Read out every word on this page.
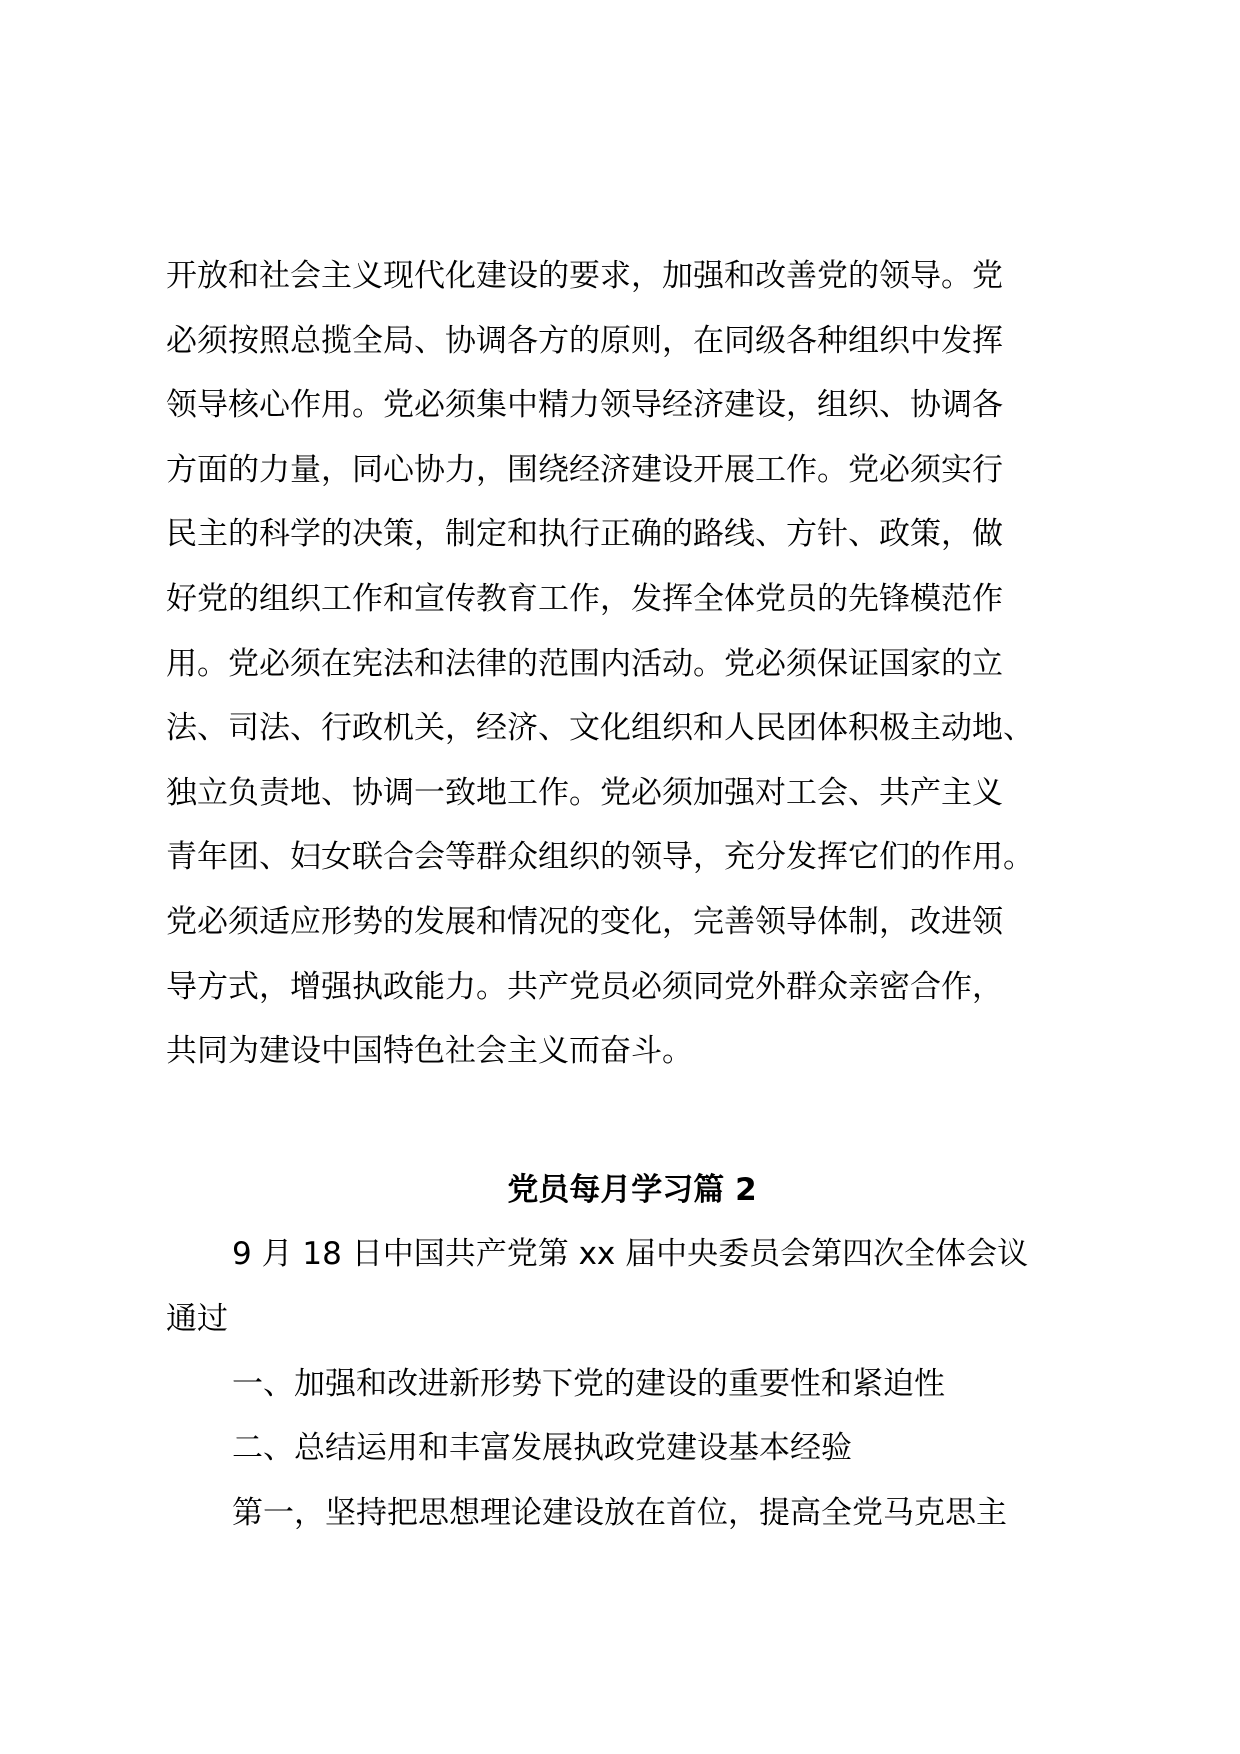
开放和社会主义现代化建设的要求，加强和改善党的领导。党
必须按照总揽全局、协调各方的原则，在同级各种组织中发挥
领导核心作用。党必须集中精力领导经济建设，组织、协调各
方面的力量，同心协力，围绕经济建设开展工作。党必须实行
民主的科学的决策，制定和执行正确的路线、方针、政策，做
好党的组织工作和宣传教育工作，发挥全体党员的先锋模范作
用。党必须在宪法和法律的范围内活动。党必须保证国家的立
法、司法、行政机关，经济、文化组织和人民团体积极主动地、
独立负责地、协调一致地工作。党必须加强对工会、共产主义
青年团、妇女联合会等群众组织的领导，充分发挥它们的作用。
党必须适应形势的发展和情况的变化，完善领导体制，改进领
导方式，增强执政能力。共产党员必须同党外群众亲密合作，
共同为建设中国特色社会主义而奋斗。
党员每月学习篇 2
9 月 18 日中国共产党第 xx 届中央委员会第四次全体会议
通过
一、加强和改进新形势下党的建设的重要性和紧迫性
二、总结运用和丰富发展执政党建设基本经验
第一，坚持把思想理论建设放在首位，提高全党马克思主
